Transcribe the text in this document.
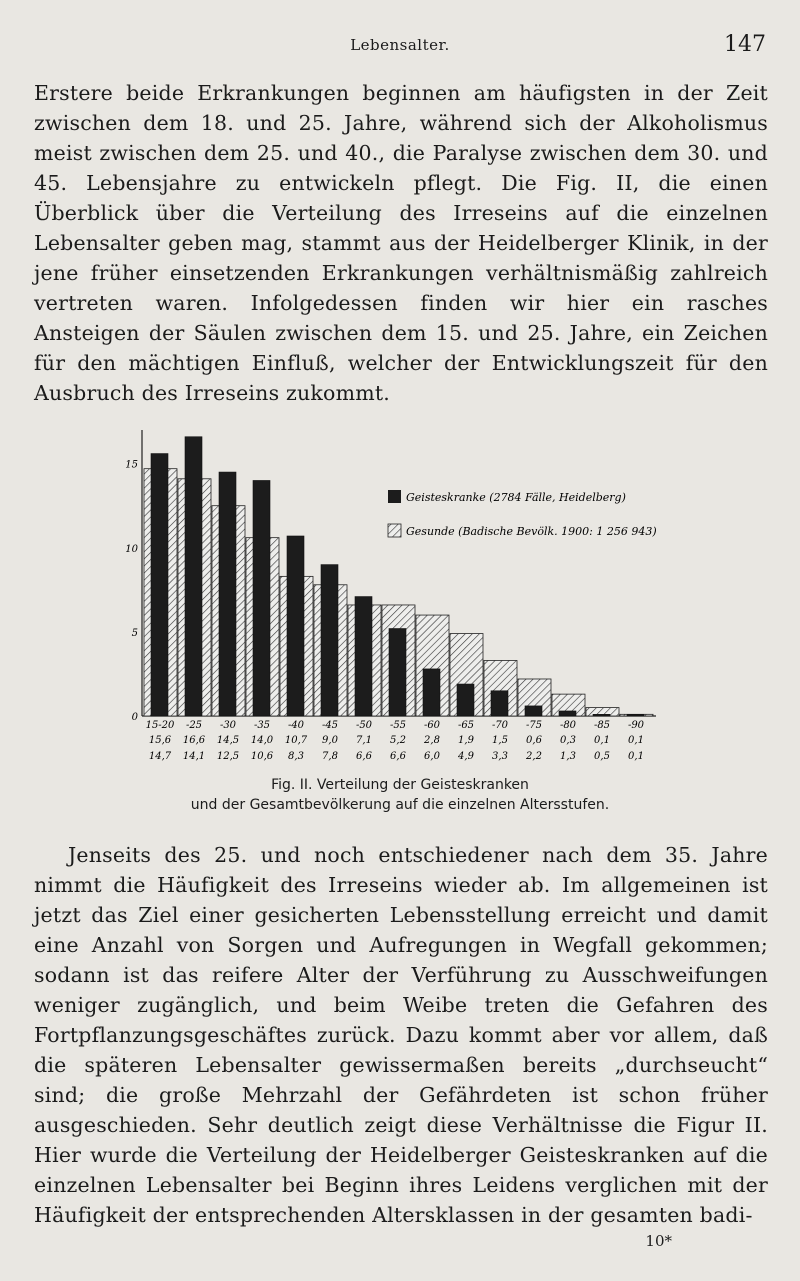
Lebensalter.	147
Erstere beide Erkrankungen beginnen am häufigsten in der Zeit zwischen dem 18. und 25. Jahre, während sich der Alkoholismus meist zwischen dem 25. und 40., die Paralyse zwischen dem 30. und 45. Lebensjahre zu entwickeln pflegt. Die Fig. II, die einen Überblick über die Verteilung des Irreseins auf die einzelnen Lebensalter geben mag, stammt aus der Heidelberger Klinik, in der jene früher einsetzenden Erkrankungen verhältnismäßig zahlreich vertreten waren. Infolgedessen finden wir hier ein rasches Ansteigen der Säulen zwischen dem 15. und 25. Jahre, ein Zeichen für den mächtigen Einfluß, welcher der Entwicklungszeit für den Ausbruch des Irreseins zukommt.
0
5
10
15
15-20
15,6
14,7
-25
16,6
14,1
-30
14,5
12,5
-35
14,0
10,6
-40
10,7
8,3
-45
9,0
7,8
-50
7,1
6,6
-55
5,2
6,6
-60
2,8
6,0
-65
1,9
4,9
-70
1,5
3,3
-75
0,6
2,2
-80
0,3
1,3
-85
0,1
0,5
-90
0,1
0,1
Geisteskranke (2784 Fälle, Heidelberg)
Gesunde (Badische Bevölk. 1900: 1 256 943)
Fig. II. Verteilung der Geisteskranken
und der Gesamtbevölkerung auf die einzelnen Altersstufen.
Jenseits des 25. und noch entschiedener nach dem 35. Jahre nimmt die Häufigkeit des Irreseins wieder ab. Im allgemeinen ist jetzt das Ziel einer gesicherten Lebensstellung erreicht und damit eine Anzahl von Sorgen und Aufregungen in Wegfall gekommen; sodann ist das reifere Alter der Verführung zu Ausschweifungen weniger zugänglich, und beim Weibe treten die Gefahren des Fortpflanzungsgeschäftes zurück. Dazu kommt aber vor allem, daß die späteren Lebensalter gewissermaßen bereits „durchseucht“ sind; die große Mehrzahl der Gefährdeten ist schon früher ausgeschieden. Sehr deutlich zeigt diese Verhältnisse die Figur II. Hier wurde die Verteilung der Heidelberger Geisteskranken auf die einzelnen Lebensalter bei Beginn ihres Leidens verglichen mit der Häufigkeit der entsprechenden Altersklassen in der gesamten badi-
10*
